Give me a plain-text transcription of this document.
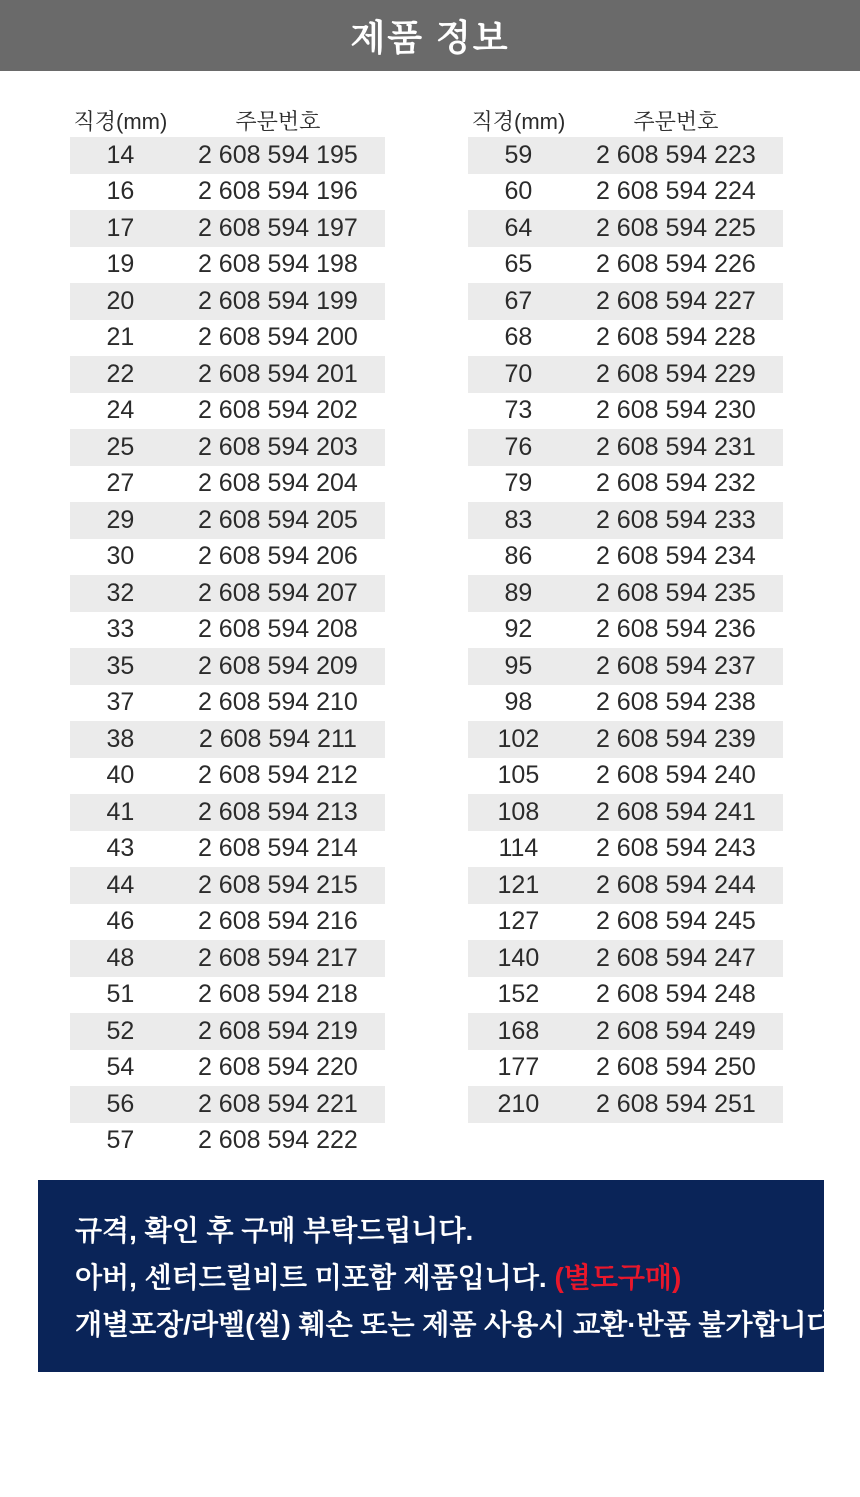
제품 정보
직경(mm)	주문번호
14	2 608 594 195
16	2 608 594 196
17	2 608 594 197
19	2 608 594 198
20	2 608 594 199
21	2 608 594 200
22	2 608 594 201
24	2 608 594 202
25	2 608 594 203
27	2 608 594 204
29	2 608 594 205
30	2 608 594 206
32	2 608 594 207
33	2 608 594 208
35	2 608 594 209
37	2 608 594 210
38	2 608 594 211
40	2 608 594 212
41	2 608 594 213
43	2 608 594 214
44	2 608 594 215
46	2 608 594 216
48	2 608 594 217
51	2 608 594 218
52	2 608 594 219
54	2 608 594 220
56	2 608 594 221
57	2 608 594 222
직경(mm)	주문번호
59	2 608 594 223
60	2 608 594 224
64	2 608 594 225
65	2 608 594 226
67	2 608 594 227
68	2 608 594 228
70	2 608 594 229
73	2 608 594 230
76	2 608 594 231
79	2 608 594 232
83	2 608 594 233
86	2 608 594 234
89	2 608 594 235
92	2 608 594 236
95	2 608 594 237
98	2 608 594 238
102	2 608 594 239
105	2 608 594 240
108	2 608 594 241
114	2 608 594 243
121	2 608 594 244
127	2 608 594 245
140	2 608 594 247
152	2 608 594 248
168	2 608 594 249
177	2 608 594 250
210	2 608 594 251

규격, 확인 후 구매 부탁드립니다.

아버, 센터드릴비트 미포함 제품입니다. (별도구매)

개별포장/라벨(씰) 훼손 또는 제품 사용시 교환·반품 불가합니다.
